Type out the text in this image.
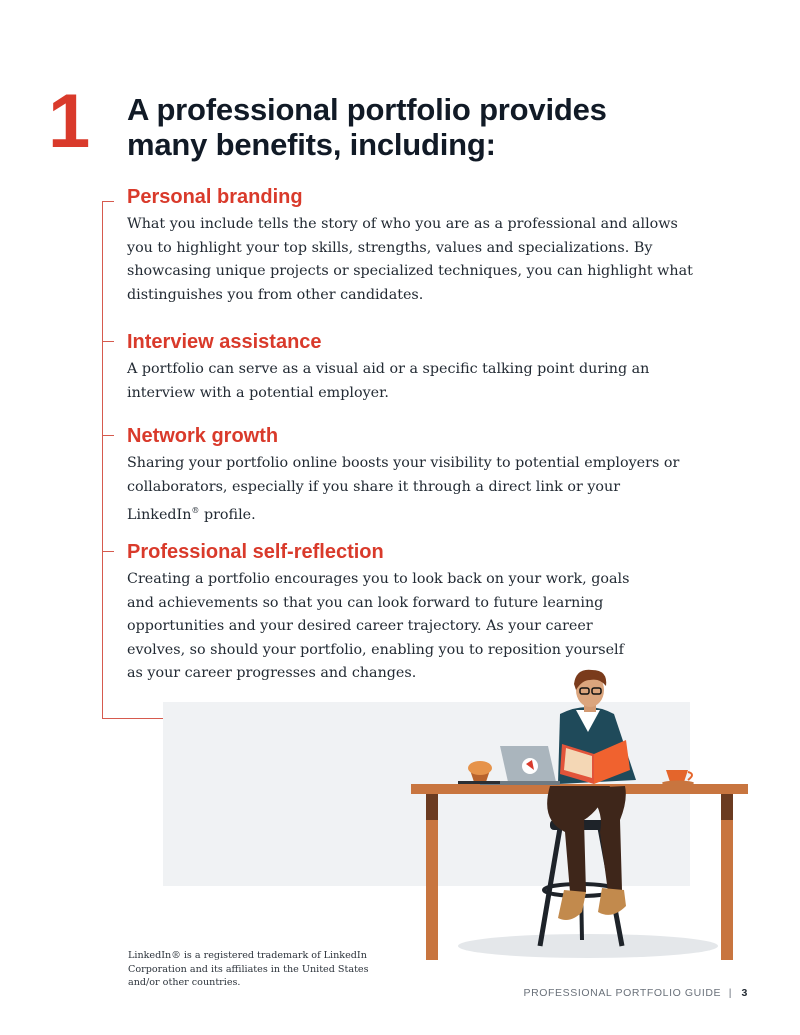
1 A professional portfolio provides
many benefits, including:
Personal branding

What you include tells the story of who you are as a professional and allows you to highlight your top skills, strengths, values and specializations. By showcasing unique projects or specialized techniques, you can highlight what distinguishes you from other candidates.

Interview assistance

A portfolio can serve as a visual aid or a specific talking point during an interview with a potential employer.

Network growth

Sharing your portfolio online boosts your visibility to potential employers or collaborators, especially if you share it through a direct link or your LinkedIn® profile.

Professional self-reflection

Creating a portfolio encourages you to look back on your work, goals and achievements so that you can look forward to future learning opportunities and your desired career trajectory. As your career evolves, so should your portfolio, enabling you to reposition yourself as your career progresses and changes.

LinkedIn® is a registered trademark of LinkedIn Corporation and its affiliates in the United States and/or other countries.

PROFESSIONAL PORTFOLIO GUIDE | 3
